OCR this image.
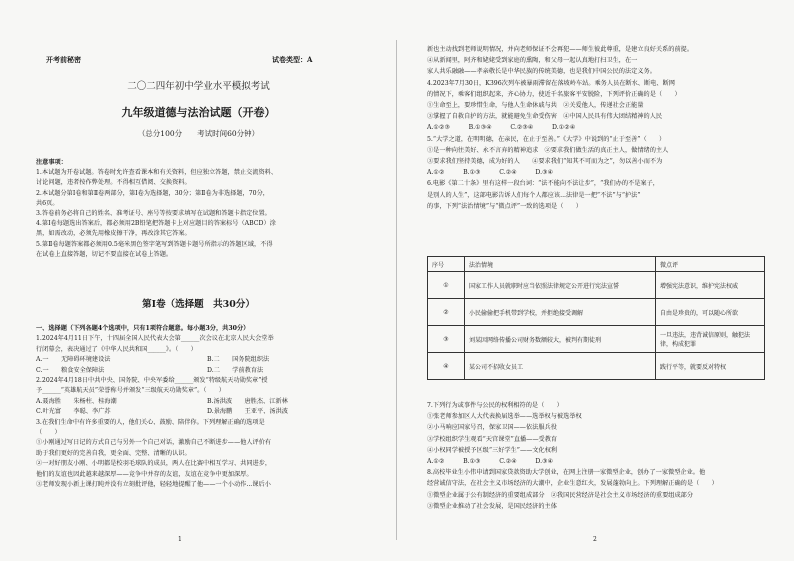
开考前秘密	试卷类型：A
二〇二四年初中学业水平模拟考试
九年级道德与法治试题（开卷）
（总分100分　　考试时间60分钟）

注意事项：

1.本试题为开卷试题。答卷时允许查看课本和有关资料，但应独立答题，禁止交流资料、

讨论问题，违者按作弊处理。不得相互借阅、交换资料。

2.本试题分第Ⅰ卷和第Ⅱ卷两部分，第Ⅰ卷为选择题，30分；第Ⅱ卷为非选择题，70分，

共6页。

3.答卷前务必将自己的姓名、准考证号、座号等按要求填写在试题和答题卡指定位置。

4.第Ⅰ卷每题选出答案后，都必须用2B铅笔把答题卡上对应题目的答案标号（ABCD）涂

黑，如需改动，必须先用橡皮擦干净，再改涂其它答案。

5.第Ⅱ卷每题答案都必须用0.5毫米黑色签字笔写到答题卡题号所指示的答题区域，不得

在试卷上直接答题，切记不要直接在试卷上答题。

第Ⅰ卷（选择题　共30分）

一、选择题（下列各题4个选项中，只有1项符合题意。每小题3分，共30分）

1.2024年4月11日下午，十四届全国人民代表大会第______次会议在北京人民大会堂举

行闭幕会，表决通过了《中华人民共和国______》。（　　）

A.一　　无障碍环境建设法	B.二　　国务院组织法
C.一　　粮食安全保障法	D.二　　学前教育法

2.2024年4月18日中共中央、国务院、中央军委给______颁发“特级航天功勋奖章”授

予______“英雄航天员”荣誉称号并颁发“三级航天功勋奖章”。（　　）

A.聂海胜　　朱杨柱、桂海潮	B.汤洪波　　唐胜杰、江新林
C.叶光富　　李聪、李广苏	D.景海鹏　　王亚平、汤洪波

3.在我们生命中有许多重要的人，他们关心、鼓励、陪伴你。下列理解正确的选项是

（　　）

①小刚通过写日记的方式自己与另外一个自己对话，激励自己不断进步——他人评价有

助于我们更好的完善自我，更全面、完整、清晰的认识。

②一对好朋友小刚、小明都是校羽毛球队的成员，两人在比赛中相互学习、共同进步，

他们的友谊也因此越来越深厚——竞争中并存的友谊，友谊在竞争中更加深厚。

③老师发现小新上课打盹并没有立刻批评他，轻轻地提醒了他——一个小动作...课后小

1

新也主动找到老师说明情况，并向老师保证不会再犯——师生彼此尊重，是建立良好关系的前提。

④从新闻里，阿齐和姥姥受到家庭的熏陶，和父母一起认真地打扫卫生，在一

家人共乐融融——孝亲敬长是中华民族的传统美德，也是我们中国公民的法定义务。

4.2023年7月30日，K396次列车被暴雨滞留在落坡岭车站。乘务人员在断水、断电、断网

的情况下，乘客们组织起来，齐心协力，使近千名旅客平安脱险，下列评价正确的是（　　）

①生命至上，要珍惜生命，与他人生命休戚与共　②关爱他人，传递社会正能量

③掌握了自救自护的方法，就能避免生命受伤害　④中国人民具有伟大团结精神的人民

A.①②③　　　B.①③④　　　C.②③④　　　D.①②④

5.“大学之道，在明明德，在亲民，在止于至善。”《大学》中说到的“止于至善”（　　）

①是一种向往美好、永不言弃的精神追求　②要求我们做生活的真正主人，做情绪的主人

③要求我们坚持美德，成为好的人　　④要求我们“知其不可而为之”，勿以善小而不为

A.①②　　　B.①③　　　C.②④　　　D.③④

6.电影《第二十条》里有这样一段台词：“法不能向不法让步”，“我们办的不是案子，

是别人的人生”，这部电影告诉人们每个人都应该...法律是一把“不法”与“护法”

的事，下列“法治情境”与“微点评”一致的选项是（　　）

序号	法治情境	微点评
①	国家工作人员就职时应当依照法律规定公开进行宪法宣誓	增强宪法意识，维护宪法权威
②	小民偷偷把手机带到学校，并拒绝接受调解	自由是珍贵的，可以随心所欲
③	刘某因网络传播公司财务数额较大，被判有期徒刑	一旦违法，违背诚信原则，触犯法律，构成犯罪
④	某公司不招收女员工	践行平等，就要反对特权

7.下列行为或事件与公民的权利相符的是（　　）

①张老师参加区人大代表换届选举——选举权与被选举权

②小马响应国家号召，保家卫国——依法服兵役

③学校组织学生观看“天宫课堂”直播——受教育

④小权同学被授予区级“三好学生”——文化权利

A.①②　　　B.①③　　　C.②④　　　D.③④

8.高校毕业生小伟申请到国家贷款资助大学创业，在网上注册一家微型企业，创办了一家微型企业。他

经营诚信守法，在社会主义市场经济的大潮中，企业生意红火，发展蓬勃向上。下列理解正确的是（　　）

①微型企业属于公有制经济的重要组成部分　②我国民营经济是社会主义市场经济的重要组成部分

③微型企业推动了社会发展，是国民经济的主体

2
